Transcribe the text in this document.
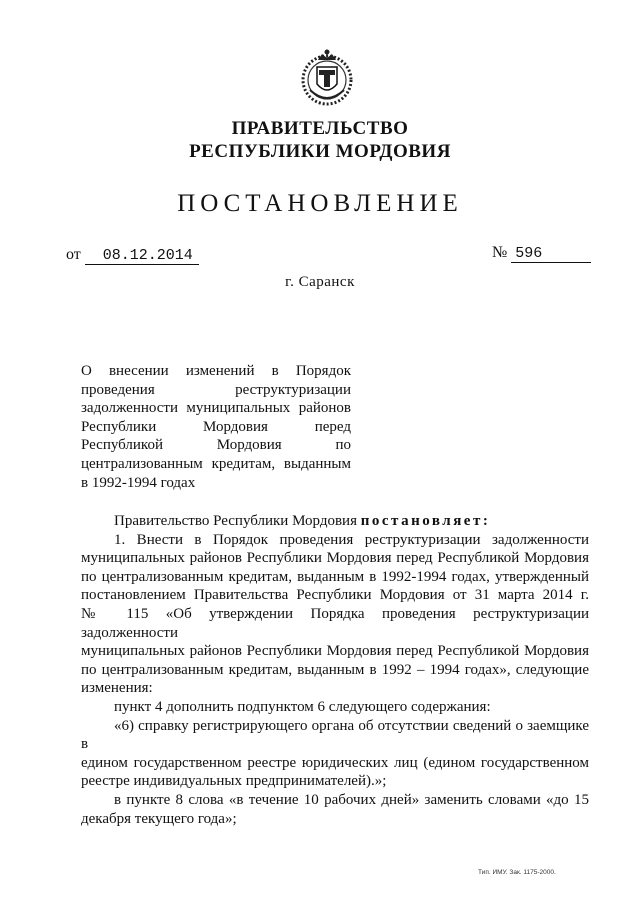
ПРАВИТЕЛЬСТВО
РЕСПУБЛИКИ МОРДОВИЯ
ПОСТАНОВЛЕНИЕ
от 08.12.2014	№ 596
г. Саранск
О внесении изменений в Порядок
проведения реструктуризации
задолженности муниципальных районов
Республики Мордовия перед
Республикой Мордовия по
централизованным кредитам, выданным
в 1992-1994 годах
Правительство Республики Мордовия постановляет:
1. Внести в Порядок проведения реструктуризации задолженности
муниципальных районов Республики Мордовия перед Республикой Мордовия
по централизованным кредитам, выданным в 1992-1994 годах, утвержденный
постановлением Правительства Республики Мордовия от 31 марта 2014 г.
№ 115 «Об утверждении Порядка проведения реструктуризации задолженности
муниципальных районов Республики Мордовия перед Республикой Мордовия
по централизованным кредитам, выданным в 1992 – 1994 годах», следующие
изменения:
пункт 4 дополнить подпунктом 6 следующего содержания:
«6) справку регистрирующего органа об отсутствии сведений о заемщике в
едином государственном реестре юридических лиц (едином государственном
реестре индивидуальных предпринимателей).»;
в пункте 8 слова «в течение 10 рабочих дней» заменить словами «до 15
декабря текущего года»;
Тип. ИМУ. Зак. 1175-2000.
